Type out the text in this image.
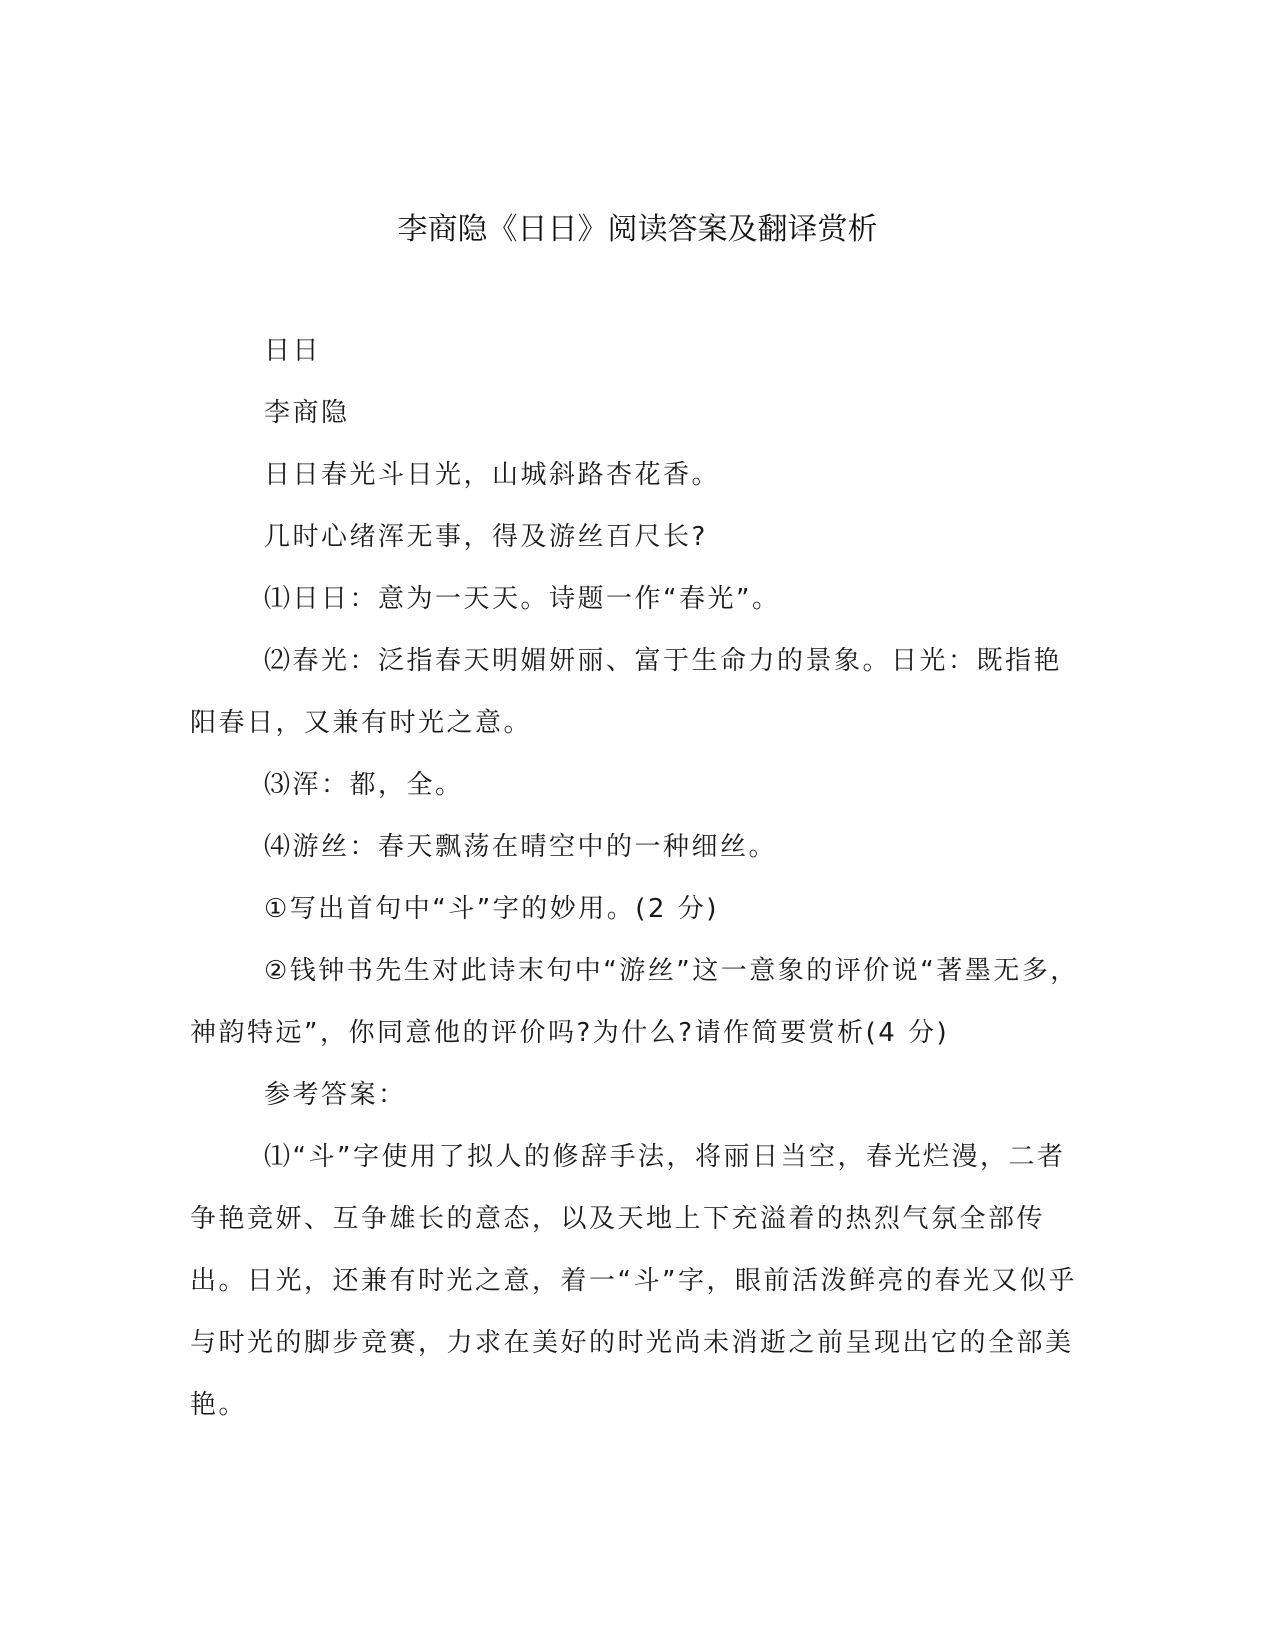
李商隐《日日》阅读答案及翻译赏析

日日

李商隐

日日春光斗日光，山城斜路杏花香。

几时心绪浑无事，得及游丝百尺长?

⑴日日：意为一天天。诗题一作“春光”。

⑵春光：泛指春天明媚妍丽、富于生命力的景象。日光：既指艳阳春日，又兼有时光之意。

⑶浑：都，全。

⑷游丝：春天飘荡在晴空中的一种细丝。

①写出首句中“斗”字的妙用。(2 分)

②钱钟书先生对此诗末句中“游丝”这一意象的评价说“著墨无多，神韵特远”，你同意他的评价吗?为什么?请作简要赏析(4 分)

参考答案：

⑴“斗”字使用了拟人的修辞手法，将丽日当空，春光烂漫，二者争艳竞妍、互争雄长的意态，以及天地上下充溢着的热烈气氛全部传出。日光，还兼有时光之意，着一“斗”字，眼前活泼鲜亮的春光又似乎与时光的脚步竞赛，力求在美好的时光尚未消逝之前呈现出它的全部美艳。
